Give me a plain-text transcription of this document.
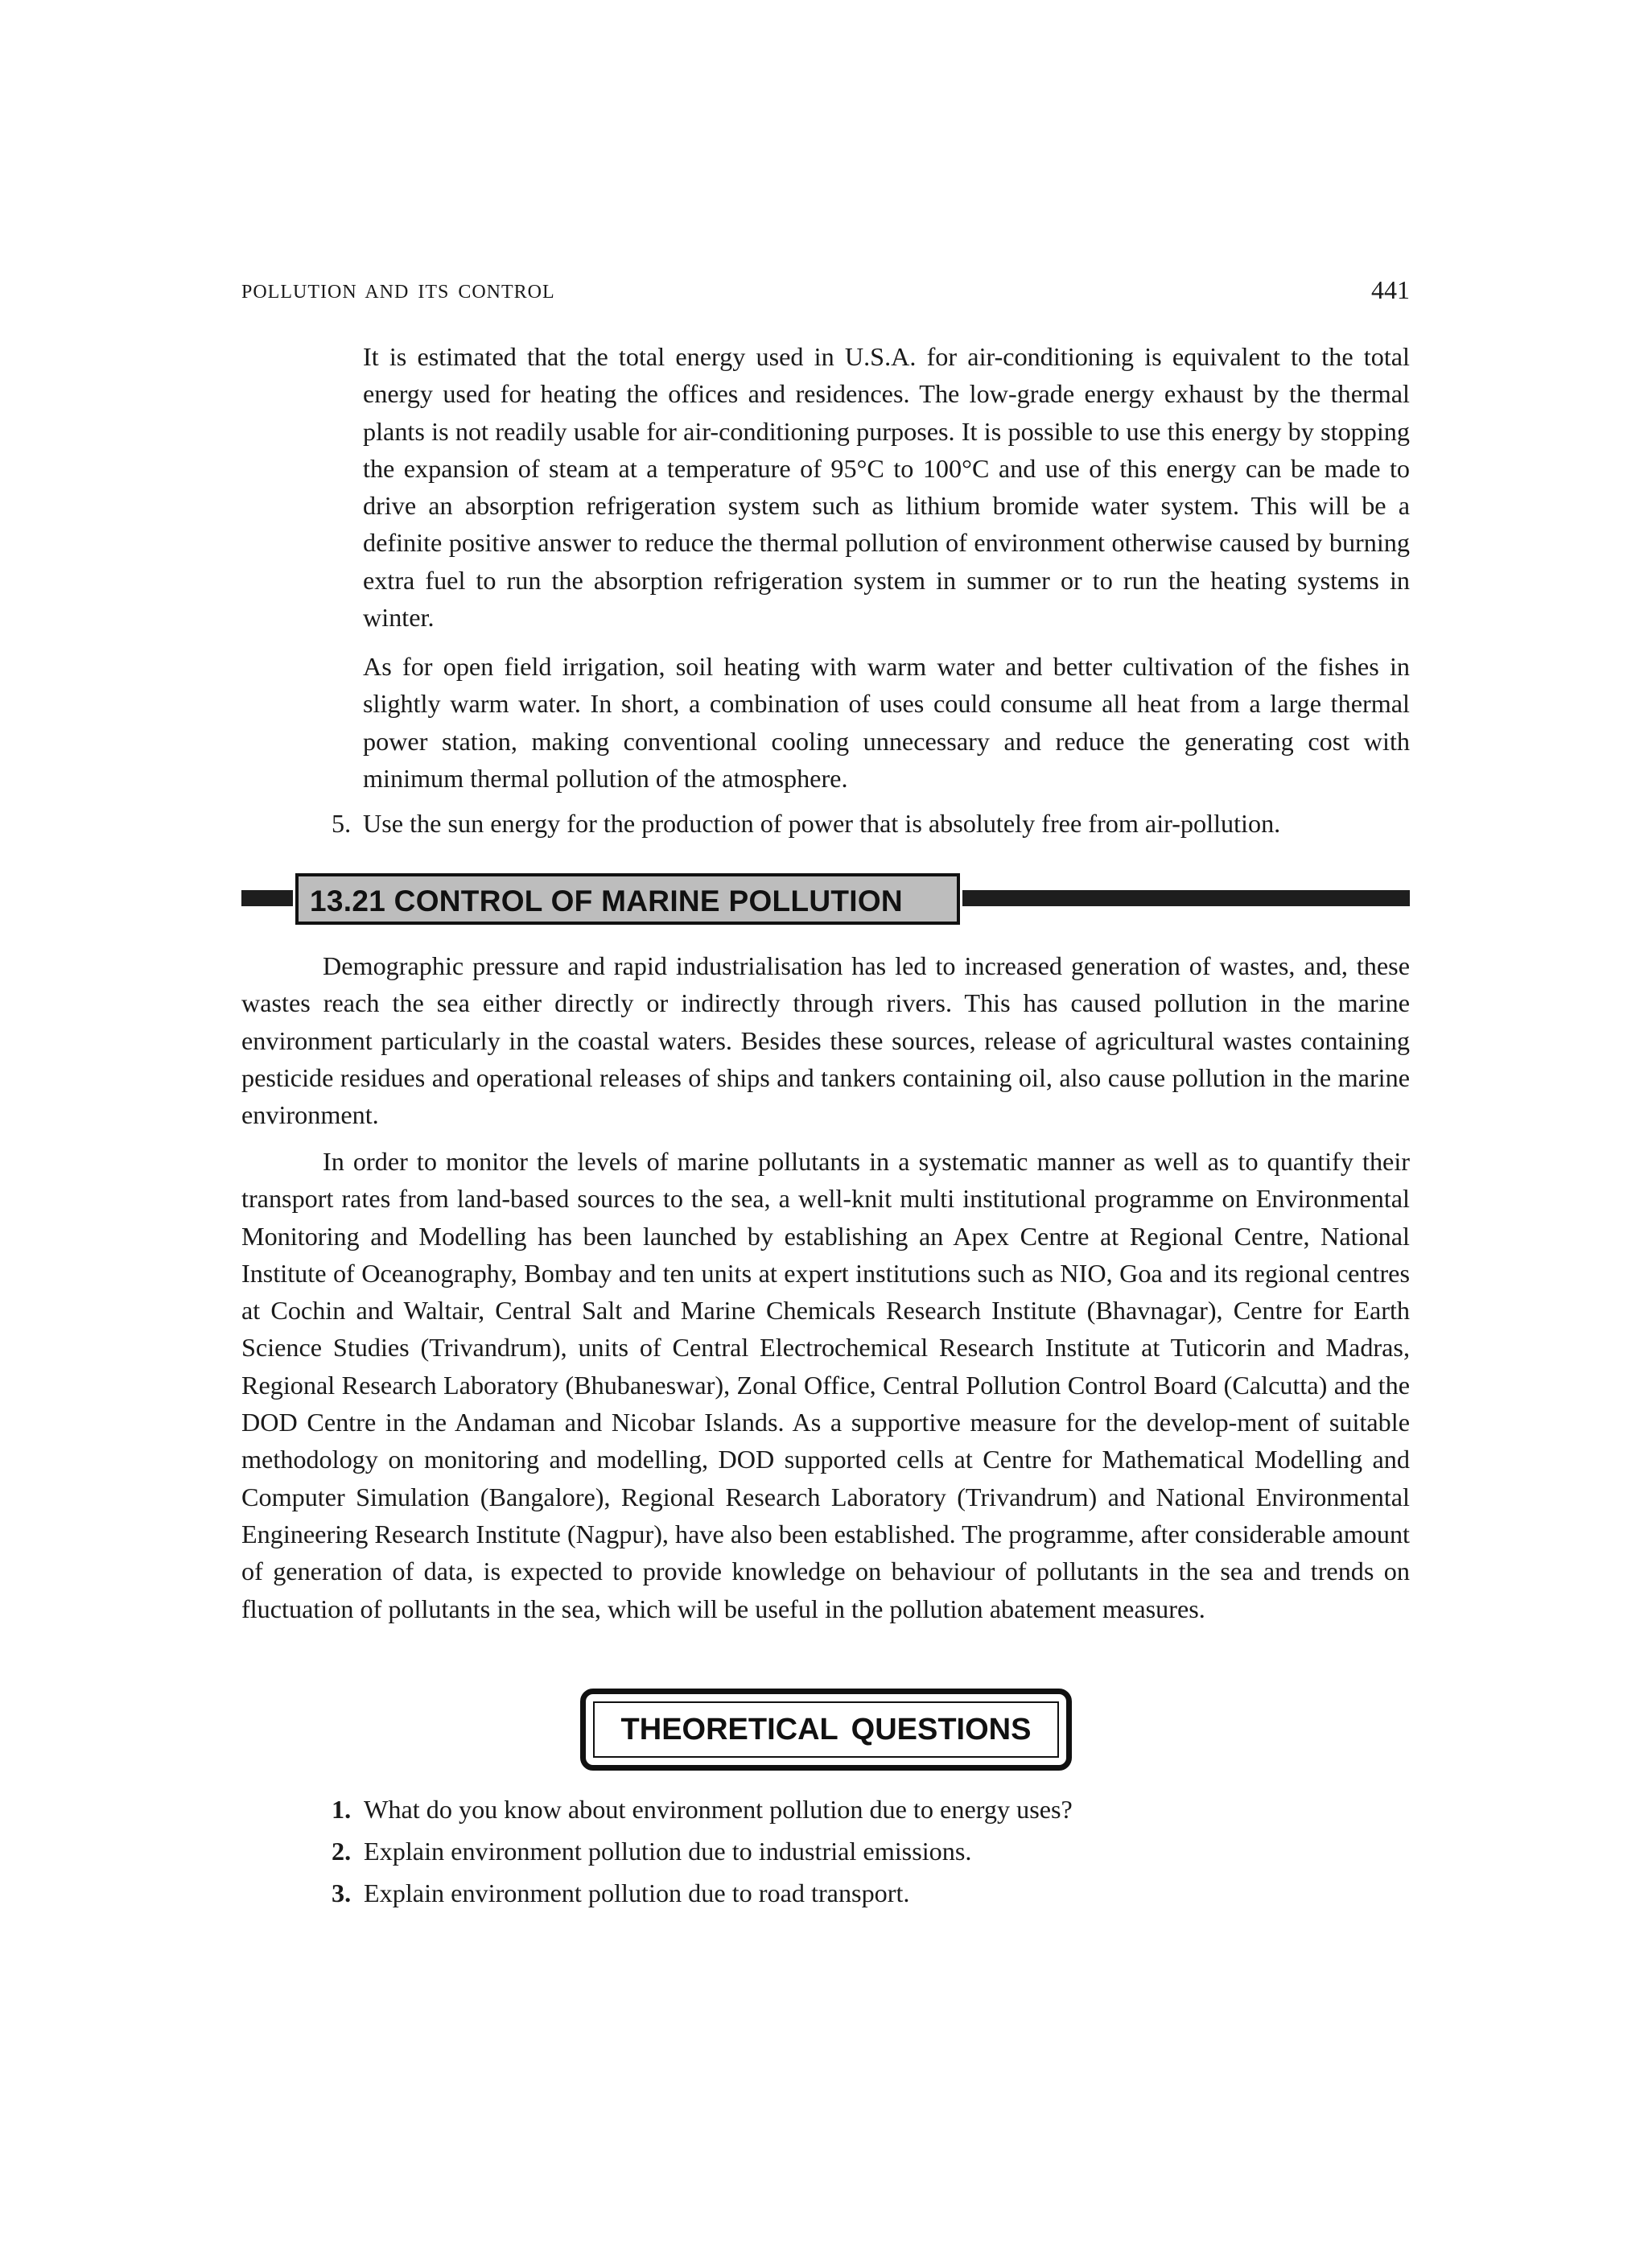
POLLUTION AND ITS CONTROL	441

It is estimated that the total energy used in U.S.A. for air-conditioning is equivalent to the total energy used for heating the offices and residences. The low-grade energy exhaust by the thermal plants is not readily usable for air-conditioning purposes. It is possible to use this energy by stopping the expansion of steam at a temperature of 95°C to 100°C and use of this energy can be made to drive an absorption refrigeration system such as lithium bromide water system. This will be a definite positive answer to reduce the thermal pollution of environment otherwise caused by burning extra fuel to run the absorption refrigeration system in summer or to run the heating systems in winter.

As for open field irrigation, soil heating with warm water and better cultivation of the fishes in slightly warm water. In short, a combination of uses could consume all heat from a large thermal power station, making conventional cooling unnecessary and reduce the generating cost with minimum thermal pollution of the atmosphere.

5. Use the sun energy for the production of power that is absolutely free from air-pollution.
13.21 CONTROL OF MARINE POLLUTION

Demographic pressure and rapid industrialisation has led to increased generation of wastes, and, these wastes reach the sea either directly or indirectly through rivers. This has caused pollution in the marine environment particularly in the coastal waters. Besides these sources, release of agricultural wastes containing pesticide residues and operational releases of ships and tankers containing oil, also cause pollution in the marine environment.

In order to monitor the levels of marine pollutants in a systematic manner as well as to quantify their transport rates from land-based sources to the sea, a well-knit multi institutional programme on Environmental Monitoring and Modelling has been launched by establishing an Apex Centre at Regional Centre, National Institute of Oceanography, Bombay and ten units at expert institutions such as NIO, Goa and its regional centres at Cochin and Waltair, Central Salt and Marine Chemicals Research Institute (Bhavnagar), Centre for Earth Science Studies (Trivandrum), units of Central Electrochemical Research Institute at Tuticorin and Madras, Regional Research Laboratory (Bhubaneswar), Zonal Office, Central Pollution Control Board (Calcutta) and the DOD Centre in the Andaman and Nicobar Islands. As a supportive measure for the develop-ment of suitable methodology on monitoring and modelling, DOD supported cells at Centre for Mathematical Modelling and Computer Simulation (Bangalore), Regional Research Laboratory (Trivandrum) and National Environmental Engineering Research Institute (Nagpur), have also been established. The programme, after considerable amount of generation of data, is expected to provide knowledge on behaviour of pollutants in the sea and trends on fluctuation of pollutants in the sea, which will be useful in the pollution abatement measures.

THEORETICAL QUESTIONS
1. What do you know about environment pollution due to energy uses?
2. Explain environment pollution due to industrial emissions.
3. Explain environment pollution due to road transport.
